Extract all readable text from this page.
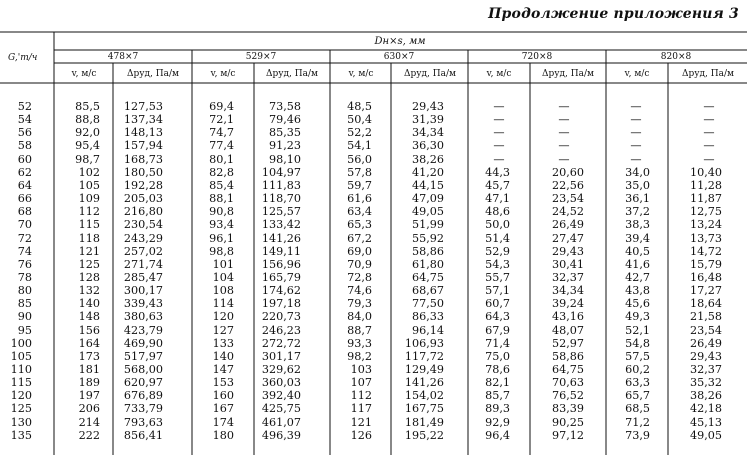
Продолжение приложения 3
G,'т/ч
Dн×s, мм
478×7	529×7	630×7	720×8	820×8
v, м/с	Δpуд, Па/м	v, м/с	Δpуд, Па/м	v, м/с	Δpуд, Па/м	v, м/с	Δpуд, Па/м	v, м/с	Δpуд, Па/м
52	85,5	127,53	69,4	73,58	48,5	29,43	—	—	—	—
54	88,8	137,34	72,1	79,46	50,4	31,39	—	—	—	—
56	92,0	148,13	74,7	85,35	52,2	34,34	—	—	—	—
58	95,4	157,94	77,4	91,23	54,1	36,30	—	—	—	—
60	98,7	168,73	80,1	98,10	56,0	38,26	—	—	—	—
62	102	180,50	82,8	104,97	57,8	41,20	44,3	20,60	34,0	10,40
64	105	192,28	85,4	111,83	59,7	44,15	45,7	22,56	35,0	11,28
66	109	205,03	88,1	118,70	61,6	47,09	47,1	23,54	36,1	11,87
68	112	216,80	90,8	125,57	63,4	49,05	48,6	24,52	37,2	12,75
70	115	230,54	93,4	133,42	65,3	51,99	50,0	26,49	38,3	13,24
72	118	243,29	96,1	141,26	67,2	55,92	51,4	27,47	39,4	13,73
74	121	257,02	98,8	149,11	69,0	58,86	52,9	29,43	40,5	14,72
76	125	271,74	101	156,96	70,9	61,80	54,3	30,41	41,6	15,79
78	128	285,47	104	165,79	72,8	64,75	55,7	32,37	42,7	16,48
80	132	300,17	108	174,62	74,6	68,67	57,1	34,34	43,8	17,27
85	140	339,43	114	197,18	79,3	77,50	60,7	39,24	45,6	18,64
90	148	380,63	120	220,73	84,0	86,33	64,3	43,16	49,3	21,58
95	156	423,79	127	246,23	88,7	96,14	67,9	48,07	52,1	23,54
100	164	469,90	133	272,72	93,3	106,93	71,4	52,97	54,8	26,49
105	173	517,97	140	301,17	98,2	117,72	75,0	58,86	57,5	29,43
110	181	568,00	147	329,62	103	129,49	78,6	64,75	60,2	32,37
115	189	620,97	153	360,03	107	141,26	82,1	70,63	63,3	35,32
120	197	676,89	160	392,40	112	154,02	85,7	76,52	65,7	38,26
125	206	733,79	167	425,75	117	167,75	89,3	83,39	68,5	42,18
130	214	793,63	174	461,07	121	181,49	92,9	90,25	71,2	45,13
135	222	856,41	180	496,39	126	195,22	96,4	97,12	73,9	49,05
